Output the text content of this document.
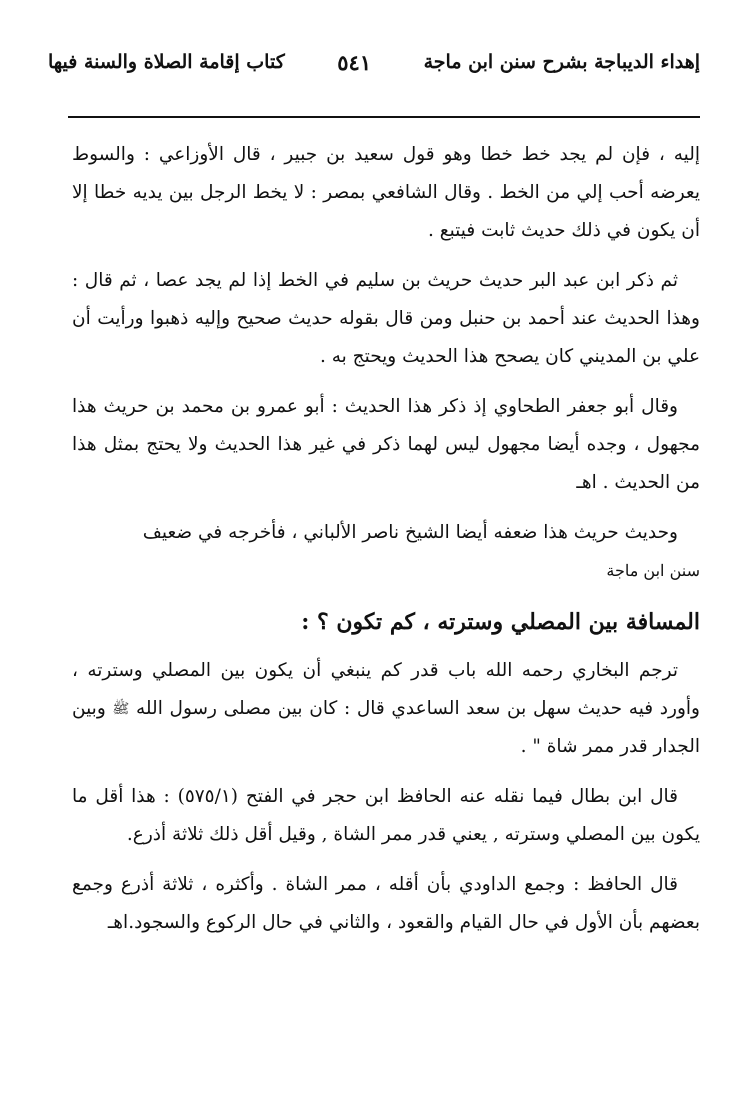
إهداء الديباجة بشرح سنن ابن ماجة
٥٤١
كتاب إقامة الصلاة والسنة فيها

إليه ، فإن لم يجد خط خطا وهو قول سعيد بن جبير ، قال الأوزاعي : والسوط يعرضه أحب إلي من الخط . وقال الشافعي بمصر : لا يخط الرجل بين يديه خطا إلا أن يكون في ذلك حديث ثابت فيتبع .

ثم ذكر ابن عبد البر حديث حريث بن سليم في الخط إذا لم يجد عصا ، ثم قال : وهذا الحديث عند أحمد بن حنبل ومن قال بقوله حديث صحيح وإليه ذهبوا ورأيت أن علي بن المديني كان يصحح هذا الحديث ويحتج به .

وقال أبو جعفر الطحاوي إذ ذكر هذا الحديث : أبو عمرو بن محمد بن حريث هذا مجهول ، وجده أيضا مجهول ليس لهما ذكر في غير هذا الحديث ولا يحتج بمثل هذا من الحديث . اهـ

وحديث حريث هذا ضعفه أيضا الشيخ ناصر الألباني ، فأخرجه في ضعيف

سنن ابن ماجة

المسافة بين المصلي وسترته ، كم تكون ؟ :

ترجم البخاري رحمه الله باب قدر كم ينبغي أن يكون بين المصلي وسترته ، وأورد فيه حديث سهل بن سعد الساعدي قال : كان بين مصلى رسول الله ﷺ وبين الجدار قدر ممر شاة " .

قال ابن بطال فيما نقله عنه الحافظ ابن حجر في الفتح (٥٧٥/١) : هذا أقل ما يكون بين المصلي وسترته , يعني قدر ممر الشاة , وقيل أقل ذلك ثلاثة أذرع.

قال الحافظ : وجمع الداودي بأن أقله ، ممر الشاة . وأكثره ، ثلاثة أذرع وجمع بعضهم بأن الأول في حال القيام والقعود ، والثاني في حال الركوع والسجود.اهـ
